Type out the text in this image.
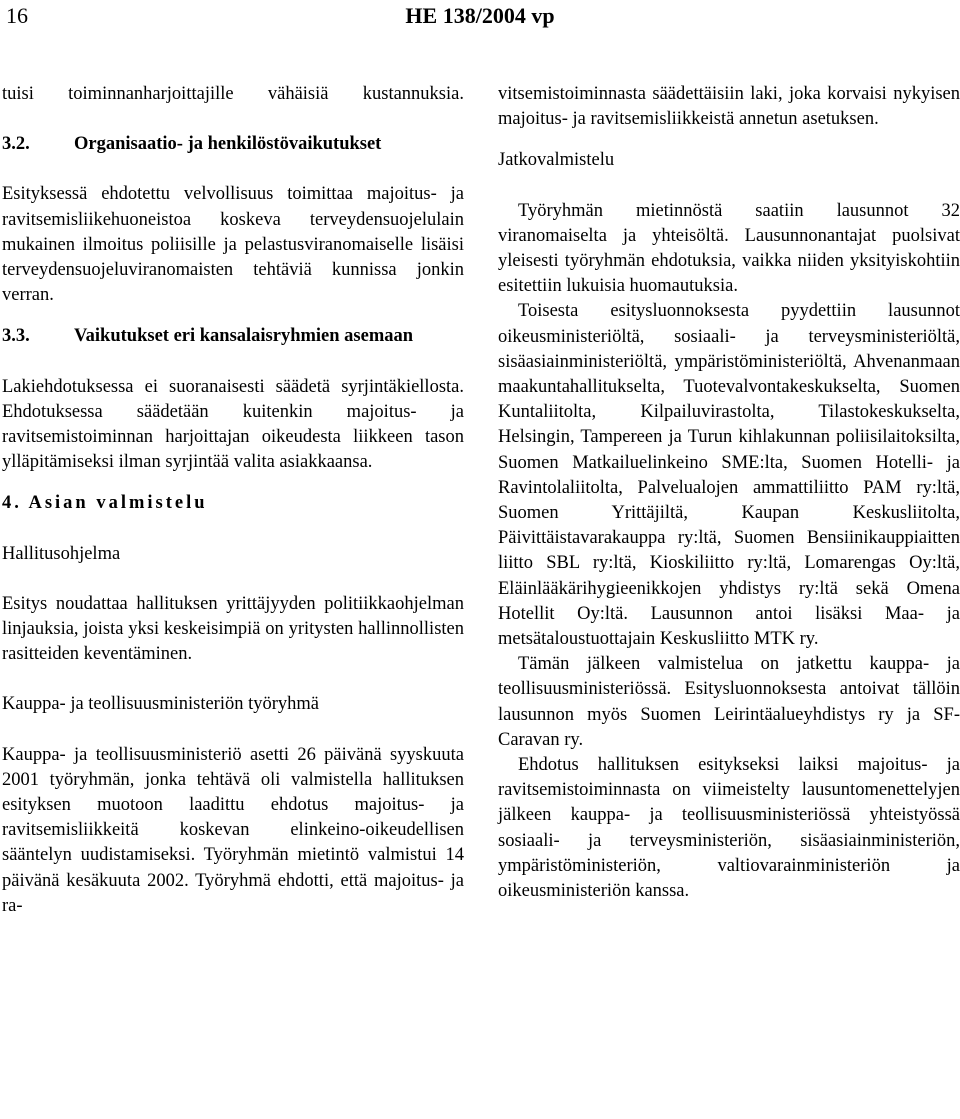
16	HE 138/2004 vp

tuisi toiminnanharjoittajille vähäisiä kustannuksia.

3.2.	Organisaatio- ja henkilöstövaikutukset

Esityksessä ehdotettu velvollisuus toimittaa majoitus- ja ravitsemisliikehuoneistoa koskeva terveydensuojelulain mukainen ilmoitus poliisille ja pelastusviranomaiselle lisäisi terveydensuojeluviranomaisten tehtäviä kunnissa jonkin verran.

3.3.	Vaikutukset eri kansalaisryhmien asemaan

Lakiehdotuksessa ei suoranaisesti säädetä syrjintäkiellosta. Ehdotuksessa säädetään kuitenkin majoitus- ja ravitsemistoiminnan harjoittajan oikeudesta liikkeen tason ylläpitämiseksi ilman syrjintää valita asiakkaansa.

4. Asian valmistelu

Hallitusohjelma

Esitys noudattaa hallituksen yrittäjyyden politiikkaohjelman linjauksia, joista yksi keskeisimpiä on yritysten hallinnollisten rasitteiden keventäminen.

Kauppa- ja teollisuusministeriön työryhmä

Kauppa- ja teollisuusministeriö asetti 26 päivänä syyskuuta 2001 työryhmän, jonka tehtävä oli valmistella hallituksen esityksen muotoon laadittu ehdotus majoitus- ja ravitsemisliikkeitä koskevan elinkeino-oikeudellisen sääntelyn uudistamiseksi. Työryhmän mietintö valmistui 14 päivänä kesäkuuta 2002. Työryhmä ehdotti, että majoitus- ja ra-

vitsemistoiminnasta säädettäisiin laki, joka korvaisi nykyisen majoitus- ja ravitsemisliikkeistä annetun asetuksen.

Jatkovalmistelu

Työryhmän mietinnöstä saatiin lausunnot 32 viranomaiselta ja yhteisöltä. Lausunnonantajat puolsivat yleisesti työryhmän ehdotuksia, vaikka niiden yksityiskohtiin esitettiin lukuisia huomautuksia.

Toisesta esitysluonnoksesta pyydettiin lausunnot oikeusministeriöltä, sosiaali- ja terveysministeriöltä, sisäasiainministeriöltä, ympäristöministeriöltä, Ahvenanmaan maakuntahallitukselta, Tuotevalvontakeskukselta, Suomen Kuntaliitolta, Kilpailuvirastolta, Tilastokeskukselta, Helsingin, Tampereen ja Turun kihlakunnan poliisilaitoksilta, Suomen Matkailuelinkeino SME:lta, Suomen Hotelli- ja Ravintolaliitolta, Palvelualojen ammattiliitto PAM ry:ltä, Suomen Yrittäjiltä, Kaupan Keskusliitolta, Päivittäistavarakauppa ry:ltä, Suomen Bensiinikauppiaitten liitto SBL ry:ltä, Kioskiliitto ry:ltä, Lomarengas Oy:ltä, Eläinlääkärihygieenikkojen yhdistys ry:ltä sekä Omena Hotellit Oy:ltä. Lausunnon antoi lisäksi Maa- ja metsätaloustuottajain Keskusliitto MTK ry.

Tämän jälkeen valmistelua on jatkettu kauppa- ja teollisuusministeriössä. Esitysluonnoksesta antoivat tällöin lausunnon myös Suomen Leirintäalueyhdistys ry ja SF-Caravan ry.

Ehdotus hallituksen esitykseksi laiksi majoitus- ja ravitsemistoiminnasta on viimeistelty lausuntomenettelyjen jälkeen kauppa- ja teollisuusministeriössä yhteistyössä sosiaali- ja terveysministeriön, sisäasiainministeriön, ympäristöministeriön, valtiovarainministeriön ja oikeusministeriön kanssa.
